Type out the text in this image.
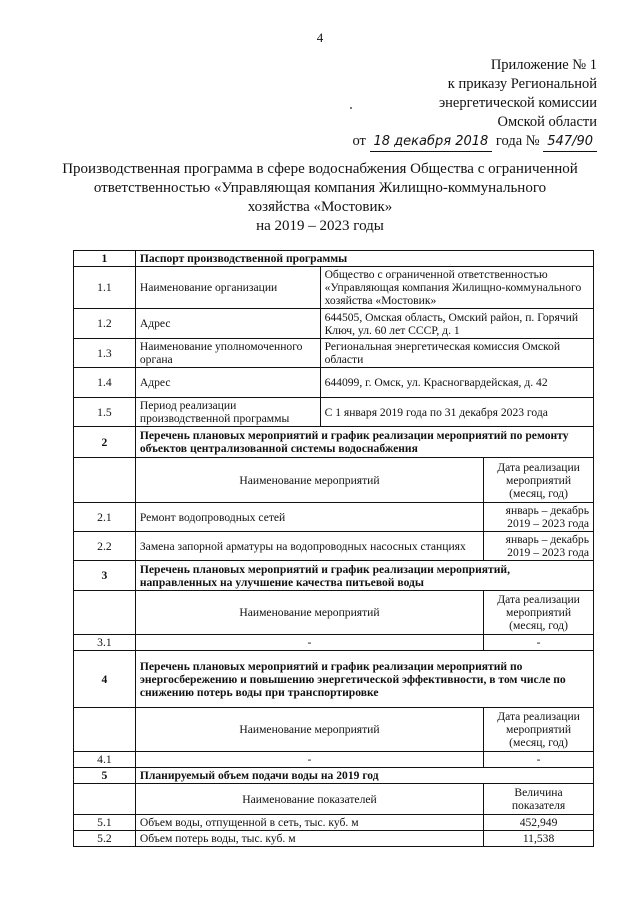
4
Приложение № 1
к приказу Региональной
энергетической комиссии
Омской области
от 18 декабря 2018 года № 547/90
Производственная программа в сфере водоснабжения Общества с ограниченной
ответственностью «Управляющая компания Жилищно-коммунального
хозяйства «Мостовик»
на 2019 – 2023 годы
1	Паспорт производственной программы		
1.1	Наименование организации	Общество с ограниченной ответственностью «Управляющая компания Жилищно-коммунального хозяйства «Мостовик»	
1.2	Адрес	644505, Омская область, Омский район, п. Горячий Ключ, ул. 60 лет СССР, д. 1	
1.3	Наименование уполномоченного органа	Региональная энергетическая комиссия Омской области	
1.4	Адрес	644099, г. Омск, ул. Красногвардейская, д. 42	
1.5	Период реализации производственной программы	С 1 января 2019 года по 31 декабря 2023 года	
2	Перечень плановых мероприятий и график реализации мероприятий по ремонту объектов централизованной системы водоснабжения		
	Наименование мероприятий		Дата реализации мероприятий (месяц, год)
2.1	Ремонт водопроводных сетей		январь – декабрь 2019 – 2023 года
2.2	Замена запорной арматуры на водопроводных насосных станциях		январь – декабрь 2019 – 2023 года
3	Перечень плановых мероприятий и график реализации мероприятий, направленных на улучшение качества питьевой воды		
	Наименование мероприятий		Дата реализации мероприятий (месяц, год)
3.1	-		-
4	Перечень плановых мероприятий и график реализации мероприятий по энергосбережению и повышению энергетической эффективности, в том числе по снижению потерь воды при транспортировке		
	Наименование мероприятий		Дата реализации мероприятий (месяц, год)
4.1	-		-
5	Планируемый объем подачи воды на 2019 год		
	Наименование показателей		Величина показателя
5.1	Объем воды, отпущенной в сеть, тыс. куб. м		452,949
5.2	Объем потерь воды, тыс. куб. м		11,538
